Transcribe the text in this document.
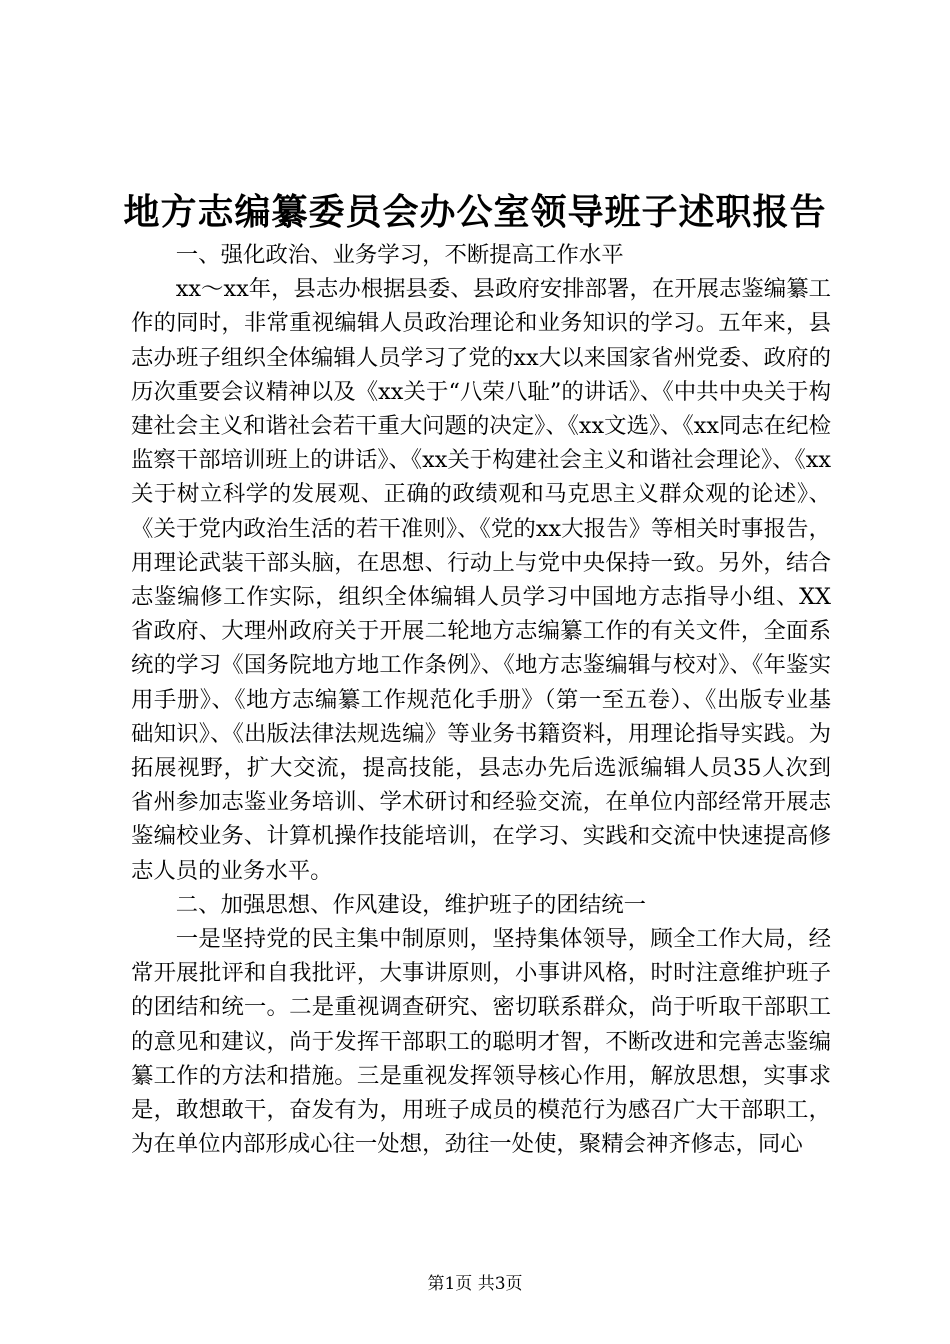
地方志编纂委员会办公室领导班子述职报告

一、强化政治、业务学习，不断提高工作水平

xx～xx年，县志办根据县委、县政府安排部署，在开展志鉴编纂工作的同时，非常重视编辑人员政治理论和业务知识的学习。五年来，县志办班子组织全体编辑人员学习了党的xx大以来国家省州党委、政府的历次重要会议精神以及《xx关于“八荣八耻”的讲话》、《中共中央关于构建社会主义和谐社会若干重大问题的决定》、《xx文选》、《xx同志在纪检监察干部培训班上的讲话》、《xx关于构建社会主义和谐社会理论》、《xx关于树立科学的发展观、正确的政绩观和马克思主义群众观的论述》、《关于党内政治生活的若干准则》、《党的xx大报告》等相关时事报告，用理论武装干部头脑，在思想、行动上与党中央保持一致。另外，结合志鉴编修工作实际，组织全体编辑人员学习中国地方志指导小组、XX省政府、大理州政府关于开展二轮地方志编纂工作的有关文件，全面系统的学习《国务院地方地工作条例》、《地方志鉴编辑与校对》、《年鉴实用手册》、《地方志编纂工作规范化手册》（第一至五卷）、《出版专业基础知识》、《出版法律法规选编》等业务书籍资料，用理论指导实践。为拓展视野，扩大交流，提高技能，县志办先后选派编辑人员35人次到省州参加志鉴业务培训、学术研讨和经验交流，在单位内部经常开展志鉴编校业务、计算机操作技能培训，在学习、实践和交流中快速提高修志人员的业务水平。

二、加强思想、作风建设，维护班子的团结统一

一是坚持党的民主集中制原则，坚持集体领导，顾全工作大局，经常开展批评和自我批评，大事讲原则，小事讲风格，时时注意维护班子的团结和统一。二是重视调查研究、密切联系群众，尚于听取干部职工的意见和建议，尚于发挥干部职工的聪明才智，不断改进和完善志鉴编纂工作的方法和措施。三是重视发挥领导核心作用，解放思想，实事求是，敢想敢干，奋发有为，用班子成员的模范行为感召广大干部职工，为在单位内部形成心往一处想，劲往一处使，聚精会神齐修志，同心

第1页 共3页
